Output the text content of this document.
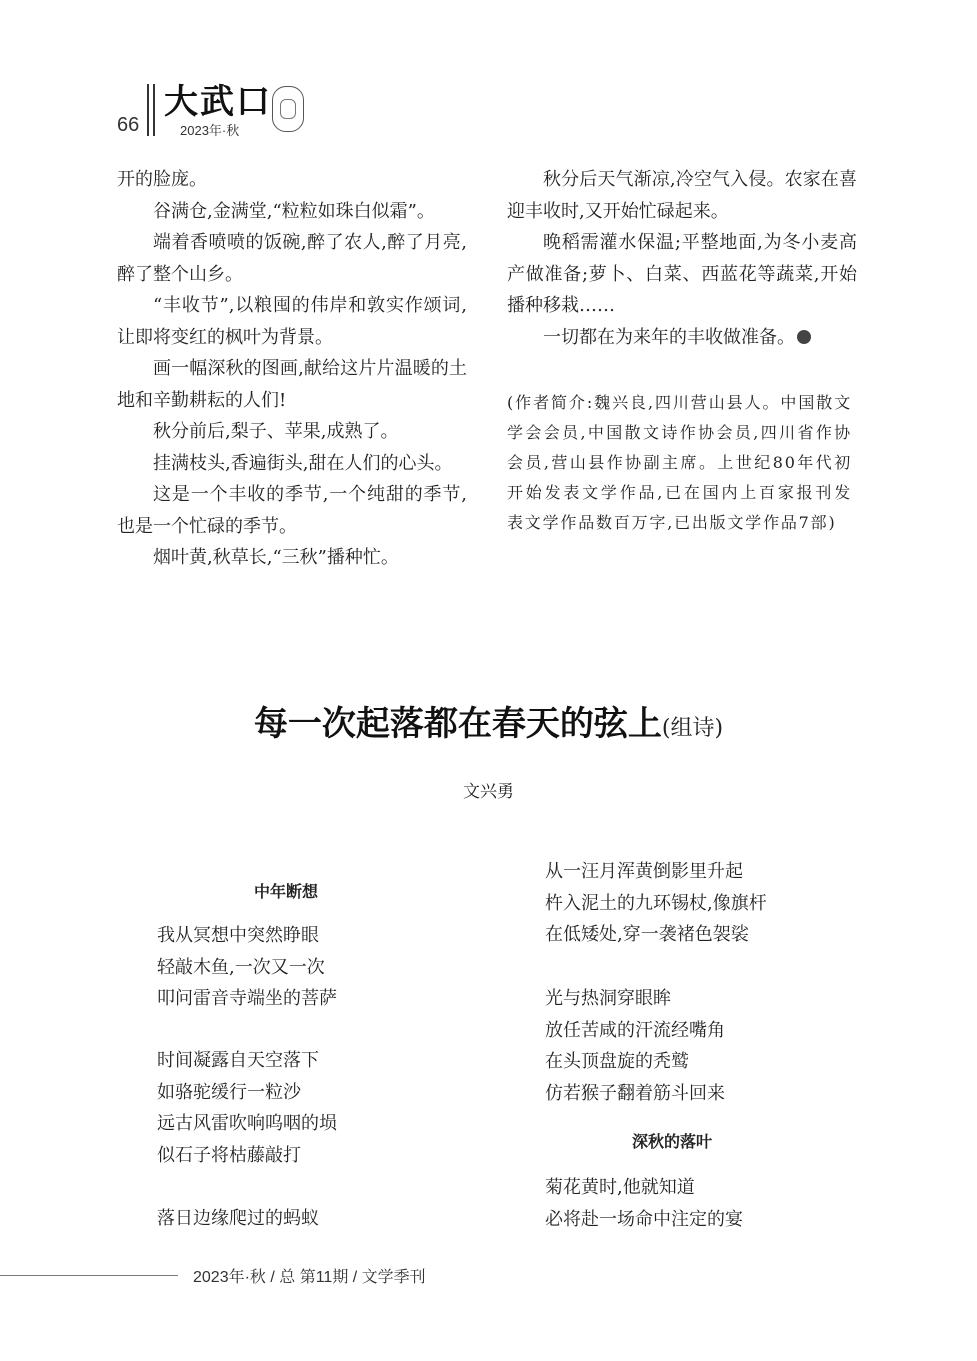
66
大武口
2023年·秋

开的脸庞。

谷满仓,金满堂,“粒粒如珠白似霜”。

端着香喷喷的饭碗,醉了农人,醉了月亮,醉了整个山乡。

“丰收节”,以粮囤的伟岸和敦实作颂词,让即将变红的枫叶为背景。

画一幅深秋的图画,献给这片片温暖的土地和辛勤耕耘的人们!

秋分前后,梨子、苹果,成熟了。

挂满枝头,香遍街头,甜在人们的心头。

这是一个丰收的季节,一个纯甜的季节,也是一个忙碌的季节。

烟叶黄,秋草长,“三秋”播种忙。

秋分后天气渐凉,冷空气入侵。农家在喜迎丰收时,又开始忙碌起来。

晚稻需灌水保温;平整地面,为冬小麦高产做准备;萝卜、白菜、西蓝花等蔬菜,开始播种移栽……

一切都在为来年的丰收做准备。

(作者简介:魏兴良,四川营山县人。中国散文学会会员,中国散文诗作协会员,四川省作协会员,营山县作协副主席。上世纪80年代初开始发表文学作品,已在国内上百家报刊发表文学作品数百万字,已出版文学作品7部)
每一次起落都在春天的弦上(组诗)
文兴勇
中年断想
我从冥想中突然睁眼
轻敲木鱼,一次又一次
叩问雷音寺端坐的菩萨
时间凝露自天空落下
如骆驼缓行一粒沙
远古风雷吹响呜咽的埙
似石子将枯藤敲打
落日边缘爬过的蚂蚁
从一汪月浑黄倒影里升起
杵入泥土的九环锡杖,像旗杆
在低矮处,穿一袭褚色袈裟
光与热洞穿眼眸
放任苦咸的汗流经嘴角
在头顶盘旋的秃鹫
仿若猴子翻着筋斗回来
深秋的落叶
菊花黄时,他就知道
必将赴一场命中注定的宴
2023年·秋 / 总 第11期 / 文学季刊
